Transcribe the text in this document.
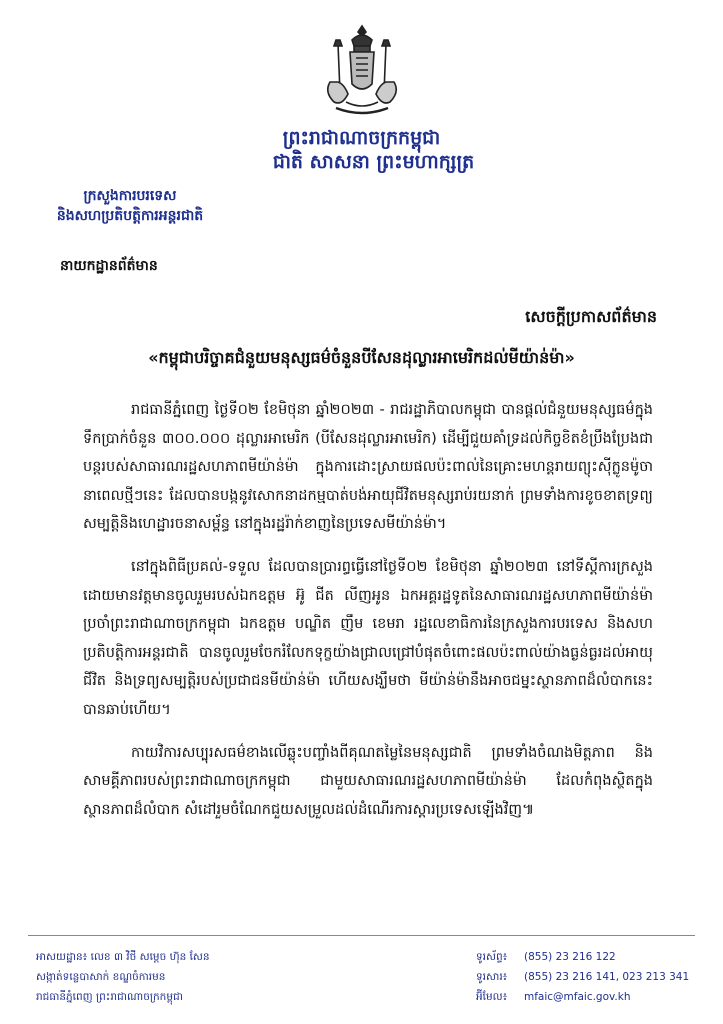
ព្រះរាជាណាចក្រកម្ពុជា
ជាតិ សាសនា ព្រះមហាក្សត្រ
ក្រសួងការបរទេស
និងសហប្រតិបត្តិការអន្តរជាតិ
នាយកដ្ឋានព័ត៌មាន
សេចក្ដីប្រកាសព័ត៌មាន
«កម្ពុជាបរិច្ចាគជំនួយមនុស្សធម៌ចំនួនបីសែនដុល្លារអាមេរិកដល់មីយ៉ាន់ម៉ា»

រាជធានីភ្នំពេញ ថ្ងៃទី០២ ខែមិថុនា ឆ្នាំ២០២៣ - រាជរដ្ឋាភិបាលកម្ពុជា បានផ្តល់ជំនួយមនុស្សធម៌ក្នុងទឹកប្រាក់ចំនួន ៣០០.០០០ ដុល្លារអាមេរិក (បីសែនដុល្លារអាមេរិក) ដើម្បីជួយគាំទ្រដល់កិច្ចខិតខំប្រឹងប្រែងជាបន្តរបស់សាធារណរដ្ឋសហភាពមីយ៉ាន់ម៉ា ក្នុងការដោះស្រាយផលប៉ះពាល់នៃគ្រោះមហន្តរាយព្យុះស៊ីក្លូនម៉ូចា នាពេលថ្មីៗនេះ ដែលបានបង្កនូវសោកនាដកម្មបាត់បង់អាយុជីវិតមនុស្សរាប់រយនាក់ ព្រមទាំងការខូចខាតទ្រព្យសម្បត្តិនិងហេដ្ឋារចនាសម្ព័ន្ធ នៅក្នុងរដ្ឋរ៉ាក់ខាញនៃប្រទេសមីយ៉ាន់ម៉ា។

នៅក្នុងពិធីប្រគល់-ទទួល ដែលបានប្រារព្ធធ្វើនៅថ្ងៃទី០២ ខែមិថុនា ឆ្នាំ២០២៣ នៅទីស្តីការក្រសួង ដោយមានវត្តមានចូលរួមរបស់ឯកឧត្តម អ៊ូ ជីត លីញអូន ឯកអគ្គរដ្ឋទូតនៃសាធារណរដ្ឋសហភាពមីយ៉ាន់ម៉ា ប្រចាំព្រះរាជាណាចក្រកម្ពុជា ឯកឧត្តម បណ្ឌិត ញឹម ខេមរា រដ្ឋលេខាធិការនៃក្រសួងការបរទេស និងសហប្រតិបត្តិការអន្តរជាតិ បានចូលរួមចែករំលែកទុក្ខយ៉ាងជ្រាលជ្រៅបំផុតចំពោះផលប៉ះពាល់យ៉ាងធ្ងន់ធ្ងរដល់អាយុជីវិត និងទ្រព្យសម្បត្តិរបស់ប្រជាជនមីយ៉ាន់ម៉ា ហើយសង្ឃឹមថា មីយ៉ាន់ម៉ានឹងអាចជម្នះស្ថានភាពដ៏លំបាកនេះ បានឆាប់ហើយ។

កាយវិការសប្បុរសធម៌ខាងលើឆ្លុះបញ្ចាំងពីគុណតម្លៃនៃមនុស្សជាតិ ព្រមទាំងចំណងមិត្តភាព និងសាមគ្គីភាពរបស់ព្រះរាជាណាចក្រកម្ពុជា ជាមួយសាធារណរដ្ឋសហភាពមីយ៉ាន់ម៉ា ដែលកំពុងស្ថិតក្នុងស្ថានភាពដ៏លំបាក សំដៅរួមចំណែកជួយសម្រួលដល់ដំណើរការស្តារប្រទេសឡើងវិញ៕

អាសយដ្ឋាន៖ លេខ ៣ វិថី សម្ដេច ហ៊ុន សែន
សង្កាត់ទន្លេបាសាក់ ខណ្ឌចំការមន
រាជធានីភ្នំពេញ ព្រះរាជាណាចក្រកម្ពុជា
ទូរស័ព្ទ៖	(855) 23 216 122
ទូរសារ៖	(855) 23 216 141, 023 213 341
អ៊ីមែល៖	mfaic@mfaic.gov.kh
